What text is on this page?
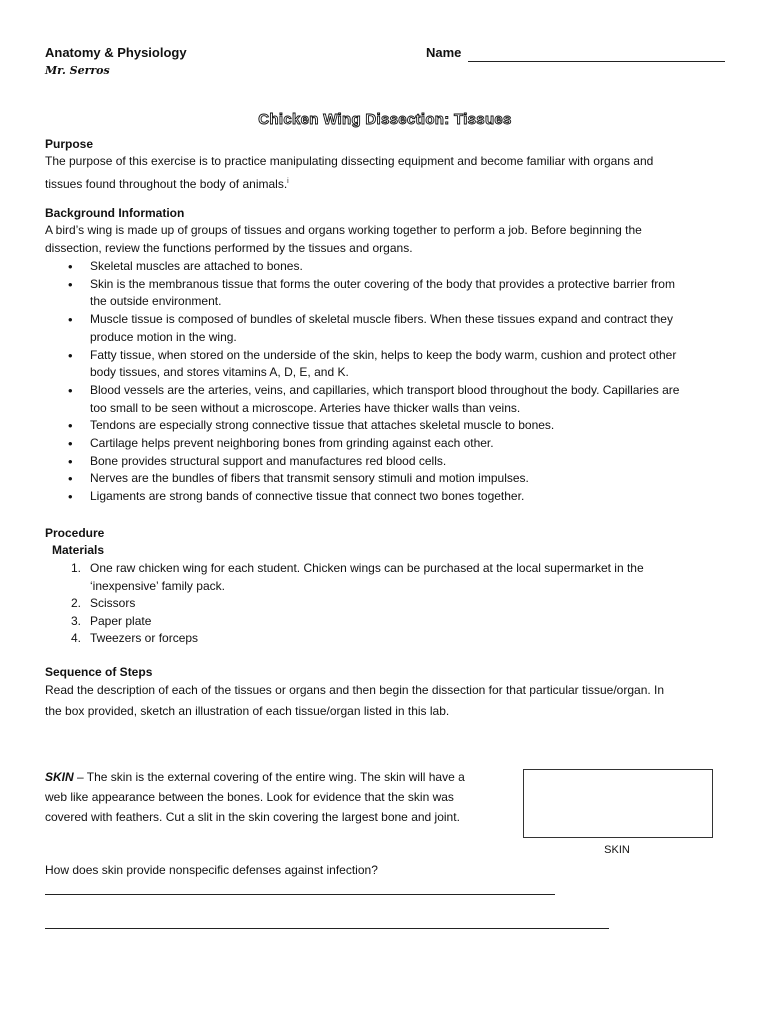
Anatomy & Physiology	Name
Mr. Serros
Chicken Wing Dissection: Tissues
Purpose
The purpose of this exercise is to practice manipulating dissecting equipment and become familiar with organs and
tissues found throughout the body of animals.$^i$
Background Information
A bird’s wing is made up of groups of tissues and organs working together to perform a job. Before beginning the
dissection, review the functions performed by the tissues and organs.
• Skeletal muscles are attached to bones.
• Skin is the membranous tissue that forms the outer covering of the body that provides a protective barrier from
the outside environment.
• Muscle tissue is composed of bundles of skeletal muscle fibers. When these tissues expand and contract they
produce motion in the wing.
• Fatty tissue, when stored on the underside of the skin, helps to keep the body warm, cushion and protect other
body tissues, and stores vitamins A, D, E, and K.
• Blood vessels are the arteries, veins, and capillaries, which transport blood throughout the body. Capillaries are
too small to be seen without a microscope. Arteries have thicker walls than veins.
• Tendons are especially strong connective tissue that attaches skeletal muscle to bones.
• Cartilage helps prevent neighboring bones from grinding against each other.
• Bone provides structural support and manufactures red blood cells.
• Nerves are the bundles of fibers that transmit sensory stimuli and motion impulses.
• Ligaments are strong bands of connective tissue that connect two bones together.
Procedure
Materials
1. One raw chicken wing for each student. Chicken wings can be purchased at the local supermarket in the
‘inexpensive’ family pack.
2. Scissors
3. Paper plate
4. Tweezers or forceps
Sequence of Steps
Read the description of each of the tissues or organs and then begin the dissection for that particular tissue/organ. In
the box provided, sketch an illustration of each tissue/organ listed in this lab.
SKIN – The skin is the external covering of the entire wing. The skin will have a
web like appearance between the bones. Look for evidence that the skin was
covered with feathers. Cut a slit in the skin covering the largest bone and joint.
SKIN
How does skin provide nonspecific defenses against infection?
